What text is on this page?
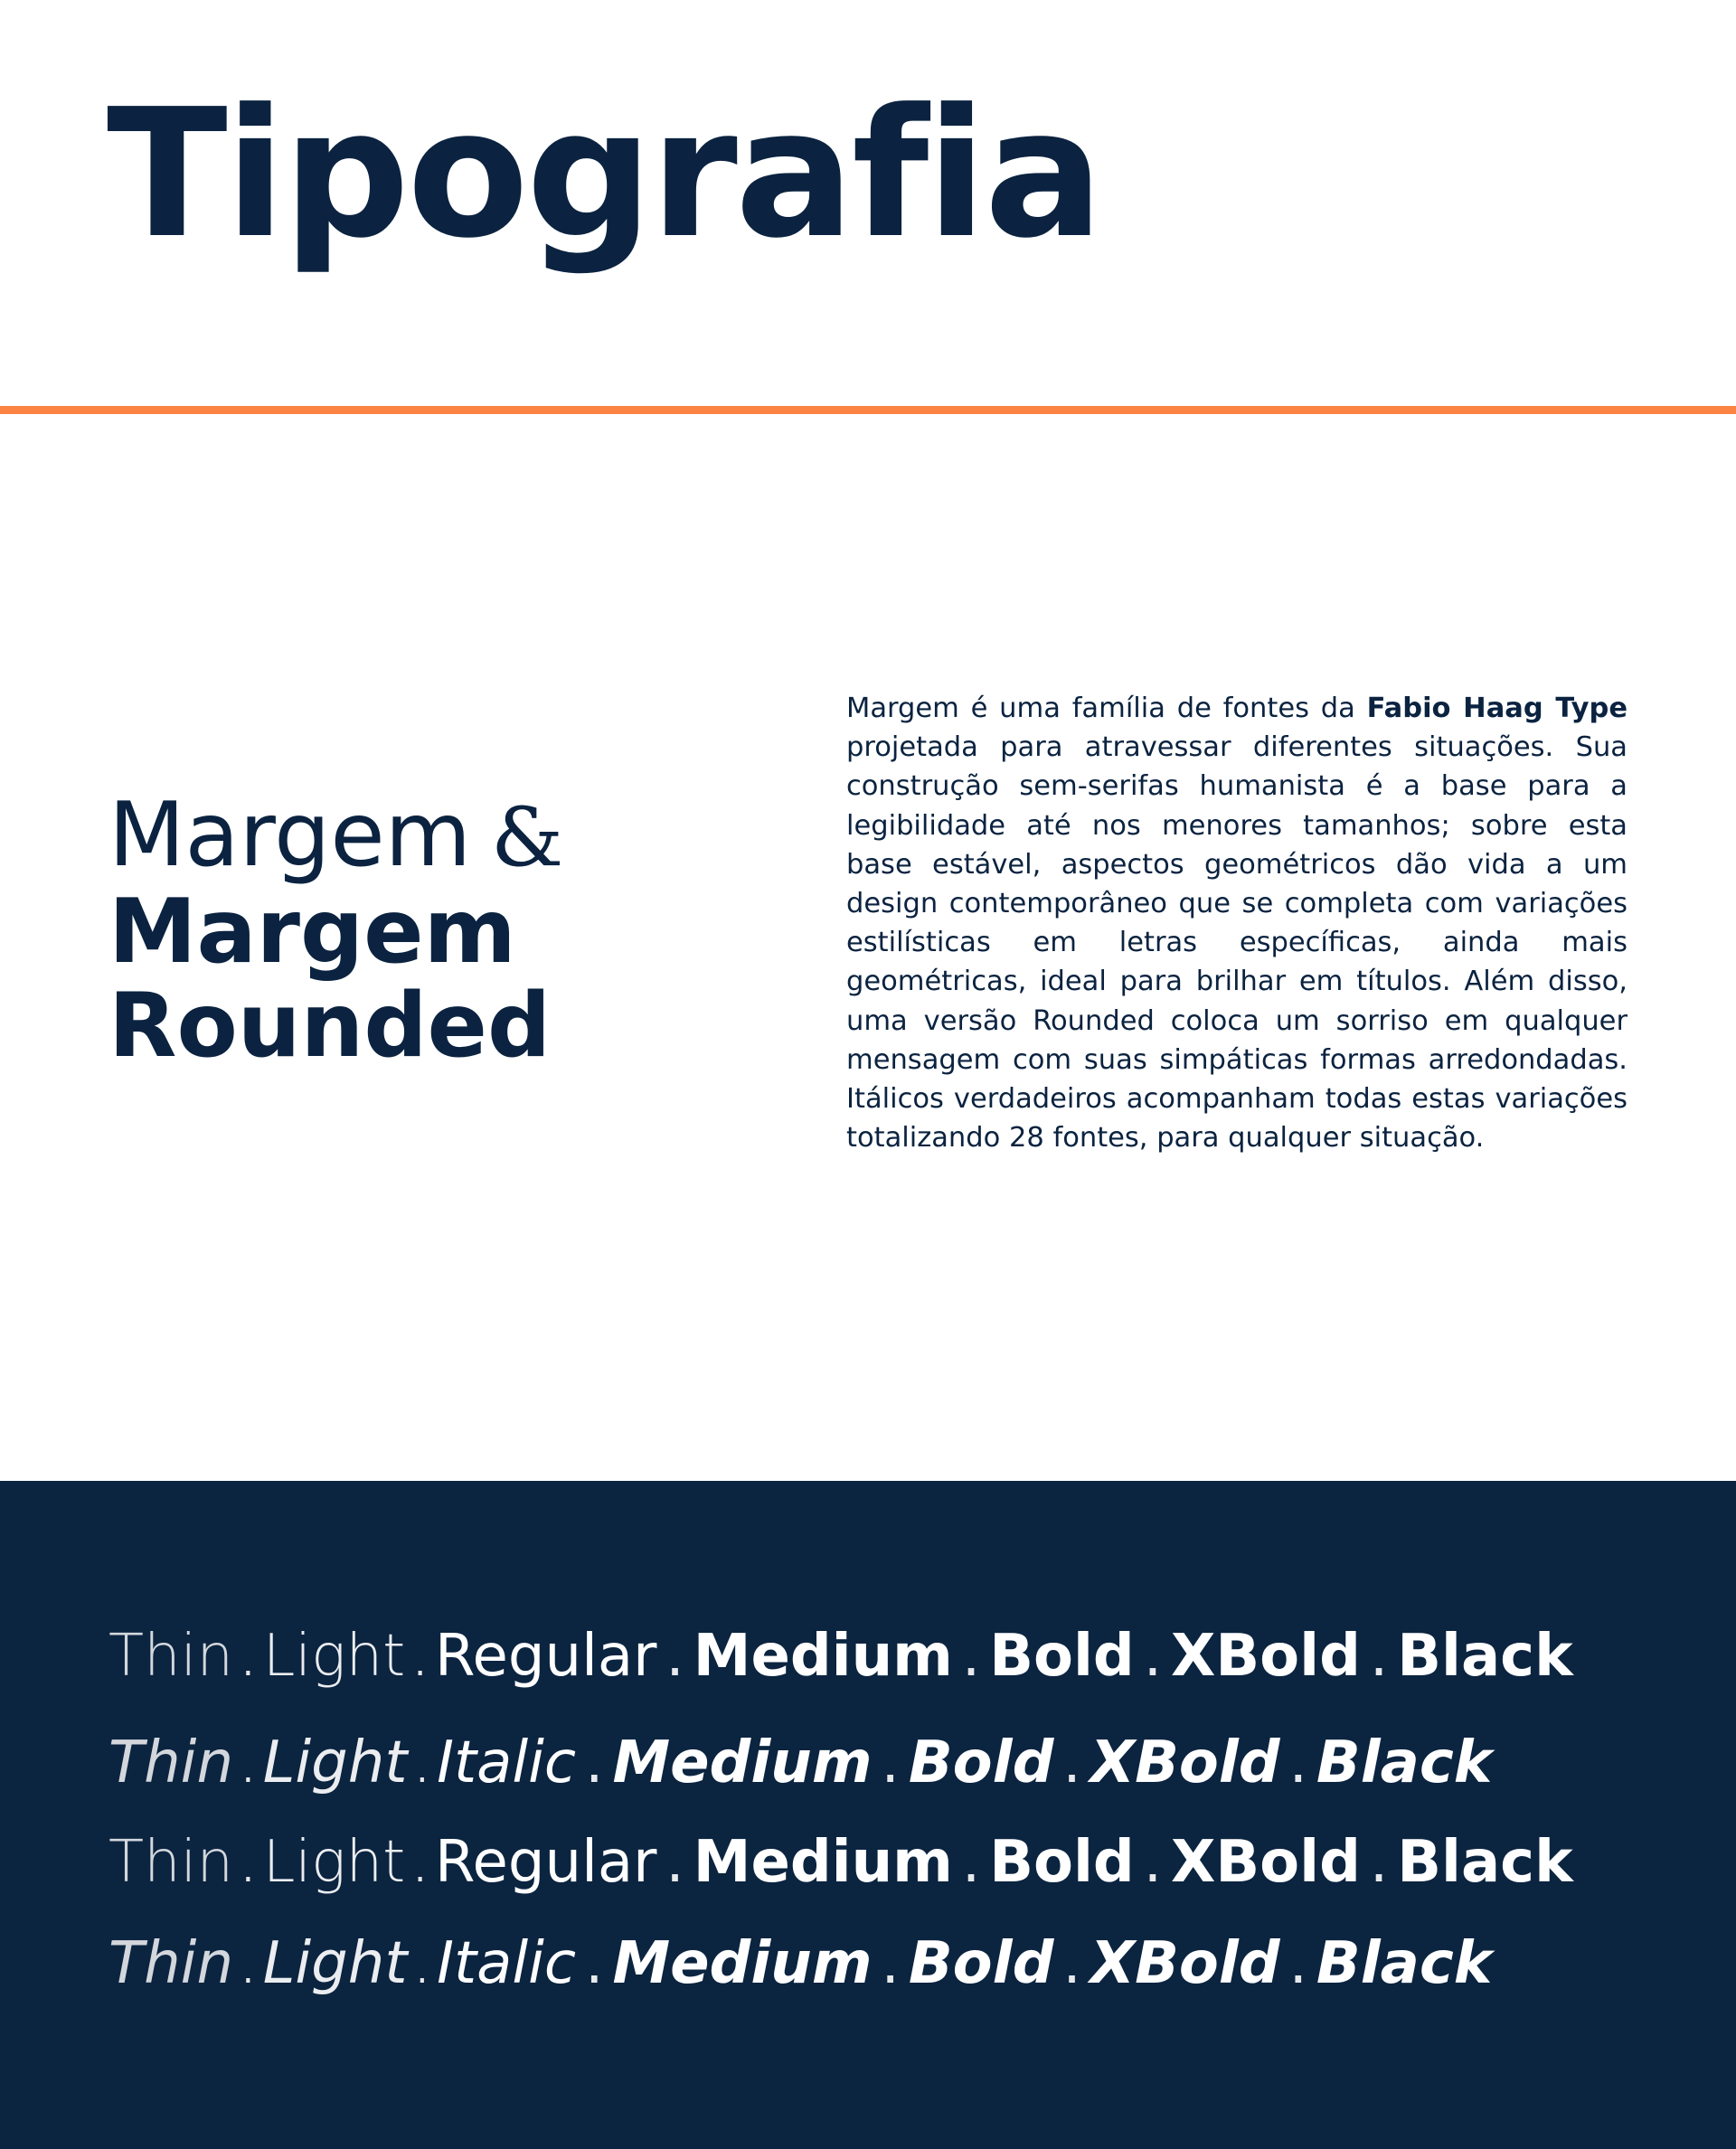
Tipografia
Margem &
Margem
Rounded

Margem é uma família de fontes da Fabio Haag Type projetada para atravessar diferentes situações. Sua construção sem-serifas humanista é a base para a legibilidade até nos menores tamanhos; sobre esta base estável, aspectos geométricos dão vida a um design contemporâneo que se completa com variações estilísticas em letras específicas, ainda mais geométricas, ideal para brilhar em títulos. Além disso, uma versão Rounded coloca um sorriso em qualquer mensagem com suas simpáticas formas arredondadas. Itálicos verdadeiros acompanham todas estas variações totalizando 28 fontes, para qualquer situação.

Thin . Light . Regular . Medium . Bold . XBold . Black
Thin . Light . Italic . Medium . Bold . XBold . Black
Thin . Light . Regular . Medium . Bold . XBold . Black
Thin . Light . Italic . Medium . Bold . XBold . Black
